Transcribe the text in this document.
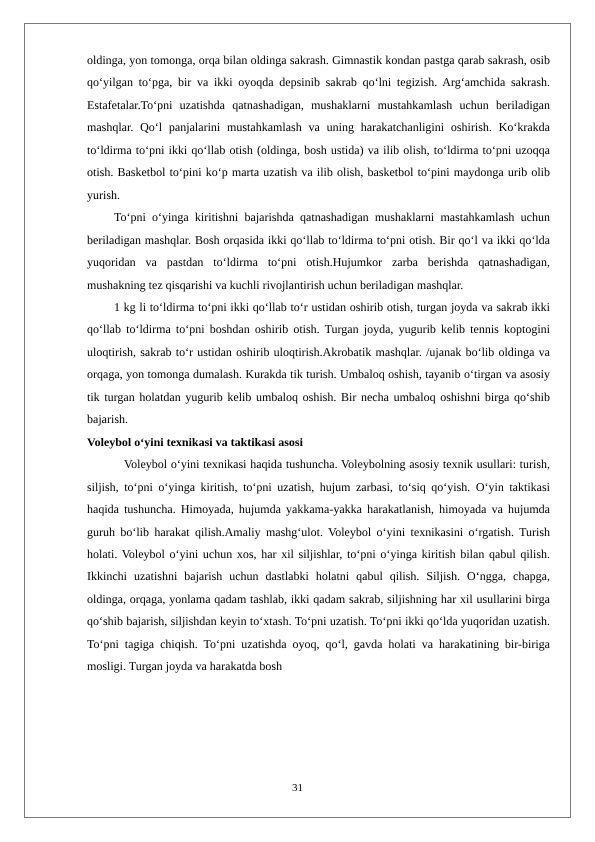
oldinga, yon tomonga, orqa bilan oldinga sakrash. Gimnastik kondan pastga qarab sakrash, osib qo‘yilgan to‘pga, bir va ikki oyoqda depsinib sakrab qo‘lni tegizish. Arg‘amchida sakrash. Estafetalar.To‘pni uzatishda qatnashadigan, mushaklarni mustahkamlash uchun beriladigan mashqlar. Qo‘l panjalarini mustahkamlash va uning harakatchanligini oshirish. Ko‘krakda to‘ldirma to‘pni ikki qo‘llab otish (oldinga, bosh ustida) va ilib olish, to‘ldirma to‘pni uzoqqa otish. Basketbol to‘pini ko‘p marta uzatish va ilib olish, basketbol to‘pini maydonga urib olib yurish.

To‘pni o‘yinga kiritishni bajarishda qatnashadigan mushaklarni mastahkamlash uchun beriladigan mashqlar. Bosh orqasida ikki qo‘llab to‘ldirma to‘pni otish. Bir qo‘l va ikki qo‘lda yuqoridan va pastdan to‘ldirma to‘pni otish.Hujumkor zarba berishda qatnashadigan, mushakning tez qisqarishi va kuchli rivojlantirish uchun beriladigan mashqlar.

1 kg li to‘ldirma to‘pni ikki qo‘llab to‘r ustidan oshirib otish, turgan joyda va sakrab ikki qo‘llab to‘ldirma to‘pni boshdan oshirib otish. Turgan joyda, yugurib kelib tennis koptogini uloqtirish, sakrab to‘r ustidan oshirib uloqtirish.Akrobatik mashqlar. /ujanak bo‘lib oldinga va orqaga, yon tomonga dumalash. Kurakda tik turish. Umbaloq oshish, tayanib o‘tirgan va asosiy tik turgan holatdan yugurib kelib umbaloq oshish. Bir necha umbaloq oshishni birga qo‘shib bajarish.

Voleybol o‘yini texnikasi va taktikasi asosi

Voleybol o‘yini texnikasi haqida tushuncha. Voleybolning asosiy texnik usullari: turish, siljish, to‘pni o‘yinga kiritish, to‘pni uzatish, hujum zarbasi, to‘siq qo‘yish. O‘yin taktikasi haqida tushuncha. Himoyada, hujumda yakkama-yakka harakatlanish, himoyada va hujumda guruh bo‘lib harakat qilish.Amaliy mashg‘ulot. Voleybol o‘yini texnikasini o‘rgatish. Turish holati. Voleybol o‘yini uchun xos, har xil siljishlar, to‘pni o‘yinga kiritish bilan qabul qilish. Ikkinchi uzatishni bajarish uchun dastlabki holatni qabul qilish. Siljish. O‘ngga, chapga, oldinga, orqaga, yonlama qadam tashlab, ikki qadam sakrab, siljishning har xil usullarini birga qo‘shib bajarish, siljishdan keyin to‘xtash. To‘pni uzatish. To‘pni ikki qo‘lda yuqoridan uzatish. To‘pni tagiga chiqish. To‘pni uzatishda oyoq, qo‘l, gavda holati va harakatining bir-biriga mosligi. Turgan joyda va harakatda bosh

31
